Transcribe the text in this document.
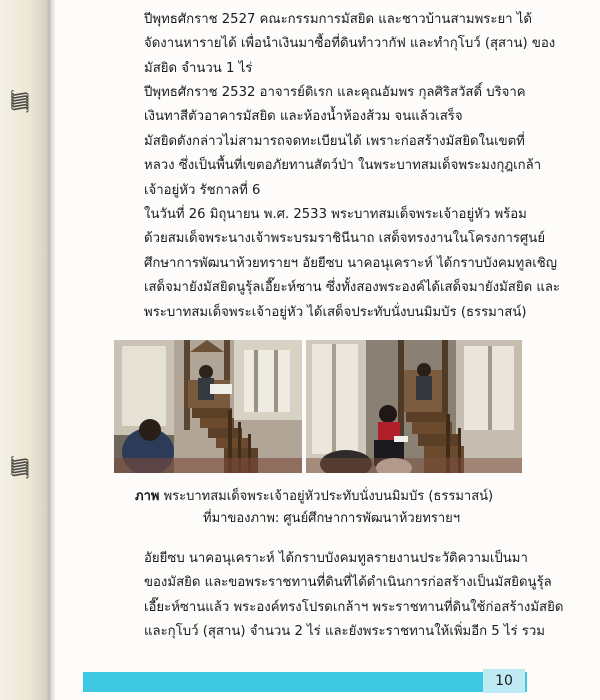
ʃʃʃʃʃʃ
ʃʃʃʃʃʃ
ปีพุทธศักราช 2527 คณะกรรมการมัสยิด และชาวบ้านสามพระยา ได้
จัดงานหารายได้ เพื่อนำเงินมาซื้อที่ดินทำวากัฟ และทำกุโบว์ (สุสาน) ของ
มัสยิด จำนวน 1 ไร่
ปีพุทธศักราช 2532 อาจารย์ดิเรก และคุณอัมพร กุลศิริสวัสดิ์ บริจาค
เงินทาสีตัวอาคารมัสยิด และห้องน้ำห้องส้วม จนแล้วเสร็จ
มัสยิดดังกล่าวไม่สามารถจดทะเบียนได้ เพราะก่อสร้างมัสยิดในเขตที่
หลวง ซึ่งเป็นพื้นที่เขตอภัยทานสัตว์ป่า ในพระบาทสมเด็จพระมงกุฎเกล้า
เจ้าอยู่หัว รัชกาลที่ 6
ในวันที่ 26 มิถุนายน พ.ศ. 2533 พระบาทสมเด็จพระเจ้าอยู่หัว พร้อม
ด้วยสมเด็จพระนางเจ้าพระบรมราชินีนาถ เสด็จทรงงานในโครงการศูนย์
ศึกษาการพัฒนาห้วยทรายฯ อัยยีซบ นาคอนุเคราะห์ ได้กราบบังคมทูลเชิญ
เสด็จมายังมัสยิดนูรุ้ลเอี๊ยะห์ซาน ซึ่งทั้งสองพระองค์ได้เสด็จมายังมัสยิด และ
พระบาทสมเด็จพระเจ้าอยู่หัว ได้เสด็จประทับนั่งบนมิมบัร (ธรรมาสน์)
อัยยีซบ นาคอนุเคราะห์ ได้กราบบังคมทูลรายงานประวัติความเป็นมา
ของมัสยิด และขอพระราชทานที่ดินที่ได้ดำเนินการก่อสร้างเป็นมัสยิดนูรุ้ล
เอี๊ยะห์ซานแล้ว พระองค์ทรงโปรดเกล้าฯ พระราชทานที่ดินใช้ก่อสร้างมัสยิด
และกุโบว์ (สุสาน) จำนวน 2 ไร่ และยังพระราชทานให้เพิ่มอีก 5 ไร่ รวม
ภาพ พระบาทสมเด็จพระเจ้าอยู่หัวประทับนั่งบนมิมบัร (ธรรมาสน์)
ที่มาของภาพ: ศูนย์ศึกษาการพัฒนาห้วยทรายฯ
10
